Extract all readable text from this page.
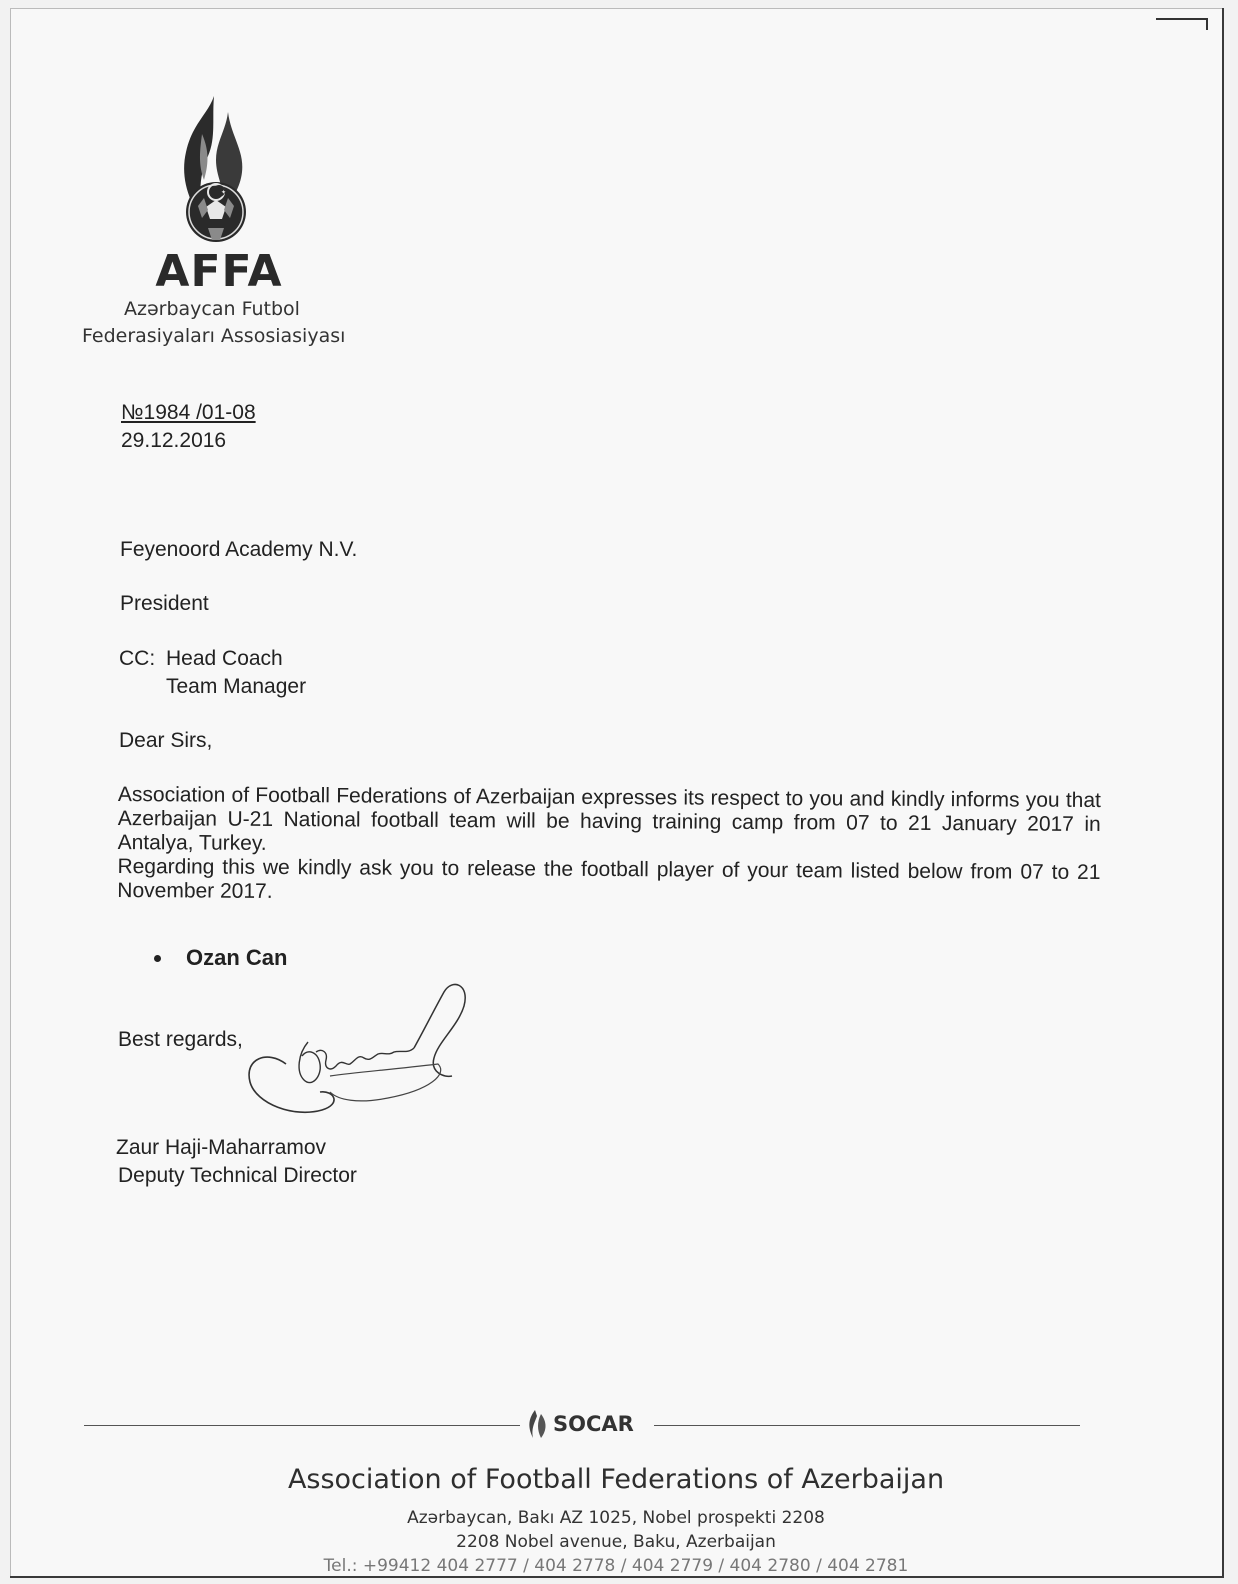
✦
AFFA
Azərbaycan Futbol
Federasiyaları Assosiasiyası
№1984 /01-08
29.12.2016
Feyenoord Academy N.V.
President
CC: Head Coach
Team Manager
Dear Sirs,

Association of Football Federations of Azerbaijan expresses its respect to you and kindly informs you that Azerbaijan U-21 National football team will be having training camp from 07 to 21 January 2017 in Antalya, Turkey.

Regarding this we kindly ask you to release the football player of your team listed below from 07 to 21 November 2017.

Ozan Can
Best regards,
Zaur Haji-Maharramov
Deputy Technical Director
SOCAR
Association of Football Federations of Azerbaijan
Azərbaycan, Bakı AZ 1025, Nobel prospekti 2208
2208 Nobel avenue, Baku, Azerbaijan
Tel.: +99412 404 2777 / 404 2778 / 404 2779 / 404 2780 / 404 2781
